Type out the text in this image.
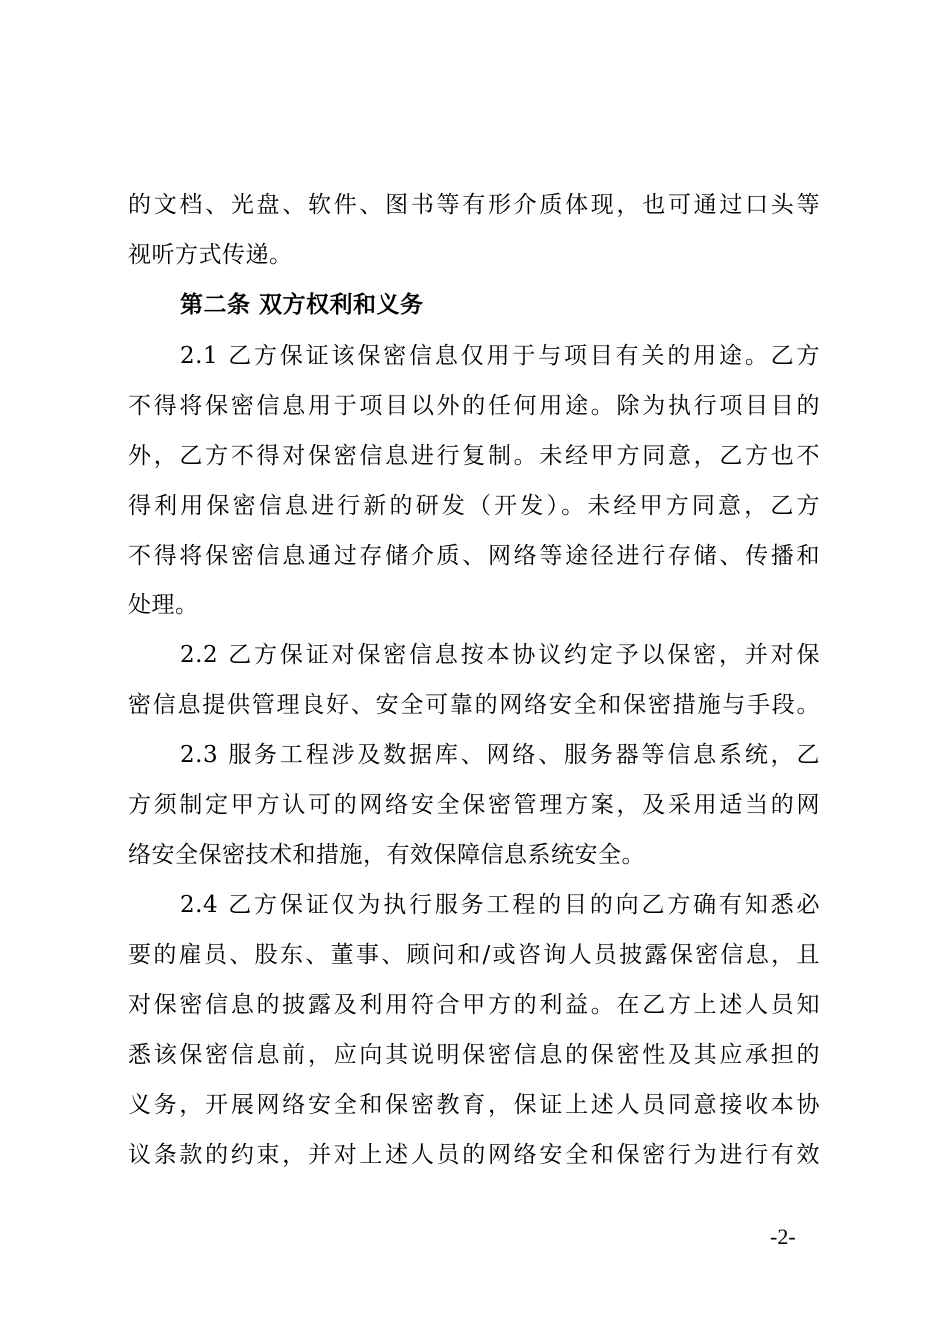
的文档、光盘、软件、图书等有形介质体现，也可通过口头等
视听方式传递。
第二条 双方权利和义务
2.1 乙方保证该保密信息仅用于与项目有关的用途。乙方
不得将保密信息用于项目以外的任何用途。除为执行项目目的
外，乙方不得对保密信息进行复制。未经甲方同意，乙方也不
得利用保密信息进行新的研发（开发）。未经甲方同意，乙方
不得将保密信息通过存储介质、网络等途径进行存储、传播和
处理。
2.2 乙方保证对保密信息按本协议约定予以保密，并对保
密信息提供管理良好、安全可靠的网络安全和保密措施与手段。
2.3 服务工程涉及数据库、网络、服务器等信息系统，乙
方须制定甲方认可的网络安全保密管理方案，及采用适当的网
络安全保密技术和措施，有效保障信息系统安全。
2.4 乙方保证仅为执行服务工程的目的向乙方确有知悉必
要的雇员、股东、董事、顾问和/或咨询人员披露保密信息，且
对保密信息的披露及利用符合甲方的利益。在乙方上述人员知
悉该保密信息前，应向其说明保密信息的保密性及其应承担的
义务，开展网络安全和保密教育，保证上述人员同意接收本协
议条款的约束，并对上述人员的网络安全和保密行为进行有效
-2-
